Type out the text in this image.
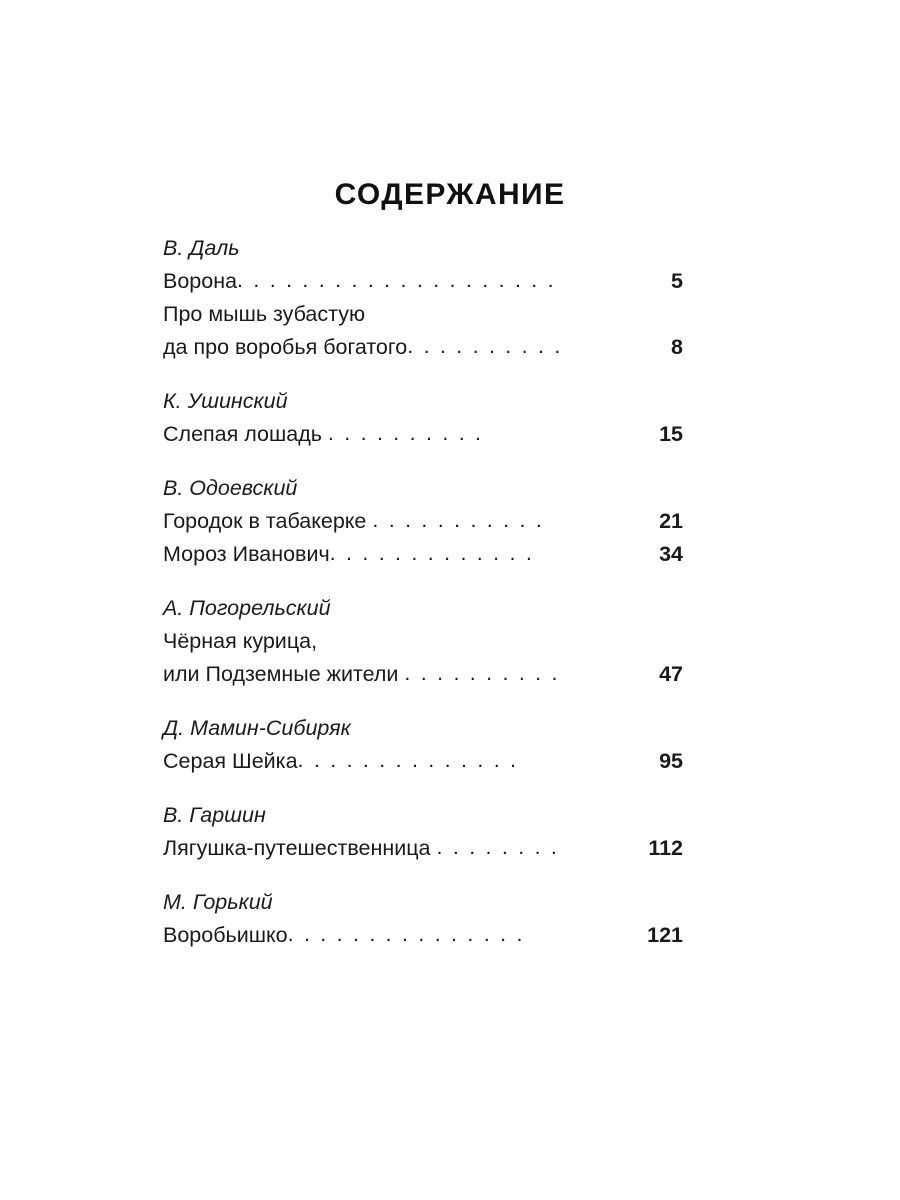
СОДЕРЖАНИЕ
В. Даль
Ворона . . . . . . . . . . . . . . . . . . . .	5
Про мышь зубастую
да про воробья богатого . . . . . . . . . .	8
К. Ушинский
Слепая лошадь . . . . . . . . . .	15
В. Одоевский
Городок в табакерке . . . . . . . . . . .	21
Мороз Иванович . . . . . . . . . . . . .	34
А. Погорельский
Чёрная курица,
или Подземные жители . . . . . . . . . .	47
Д. Мамин-Сибиряк
Серая Шейка . . . . . . . . . . . . . .	95
В. Гаршин
Лягушка-путешественница . . . . . . . .	112
М. Горький
Воробьишко . . . . . . . . . . . . . . .	121
